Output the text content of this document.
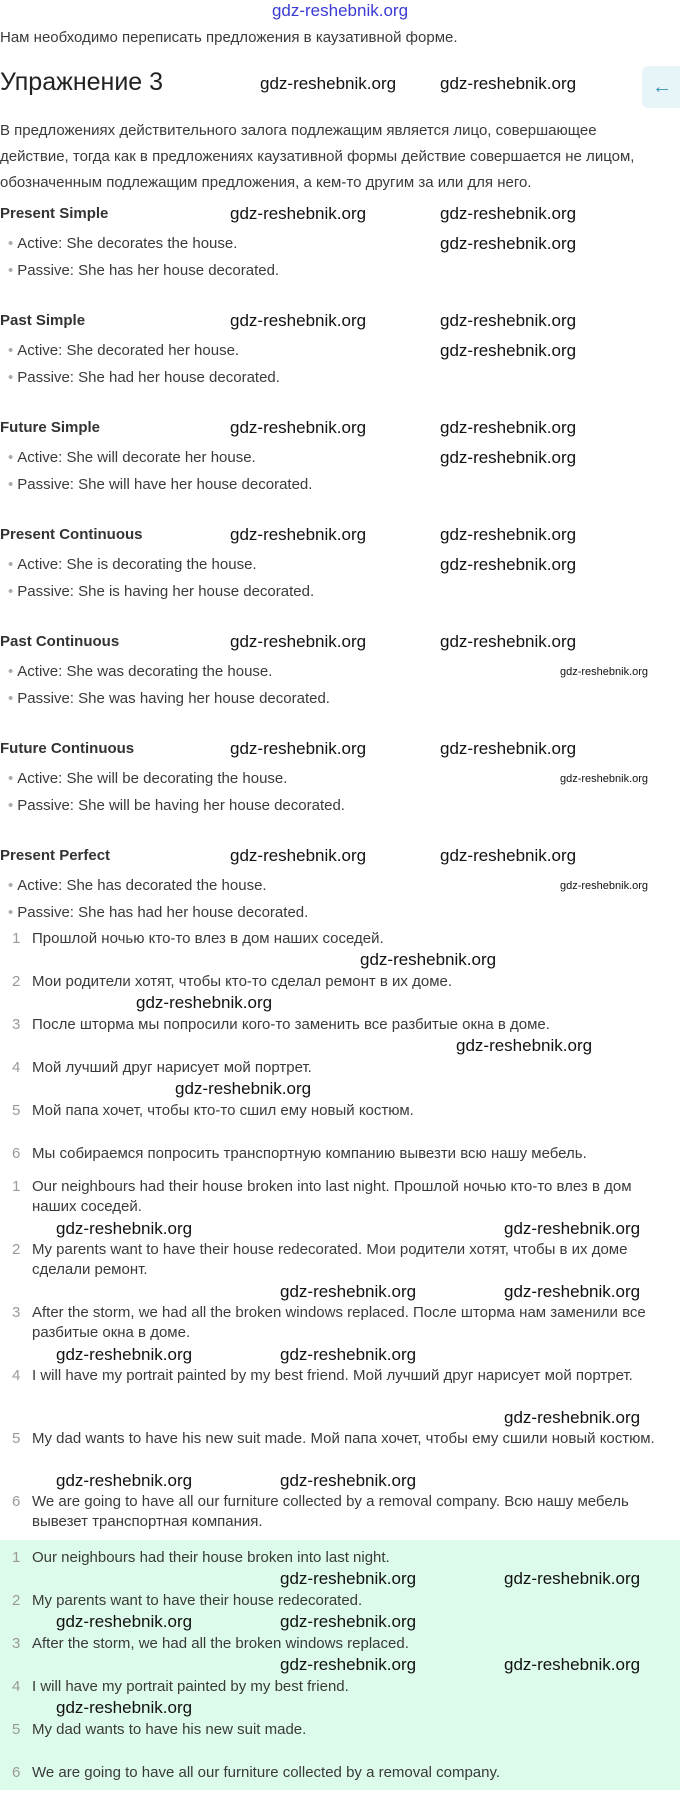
gdz-reshebnik.org
Нам необходимо переписать предложения в каузативной форме.
Упражнение 3	gdz-reshebnik.org	gdz-reshebnik.org	←
В предложениях действительного залога подлежащим является лицо, совершающее действие, тогда как в предложениях каузативной формы действие совершается не лицом, обозначенным подлежащим предложения, а кем-то другим за или для него.
Present Simple	gdz-reshebnik.org	gdz-reshebnik.org
• Active: She decorates the house.	gdz-reshebnik.org
• Passive: She has her house decorated.
Past Simple	gdz-reshebnik.org	gdz-reshebnik.org
• Active: She decorated her house.	gdz-reshebnik.org
• Passive: She had her house decorated.
Future Simple	gdz-reshebnik.org	gdz-reshebnik.org
• Active: She will decorate her house.	gdz-reshebnik.org
• Passive: She will have her house decorated.
Present Continuous	gdz-reshebnik.org	gdz-reshebnik.org
• Active: She is decorating the house.	gdz-reshebnik.org
• Passive: She is having her house decorated.
Past Continuous	gdz-reshebnik.org	gdz-reshebnik.org
• Active: She was decorating the house.	gdz-reshebnik.org
• Passive: She was having her house decorated.
Future Continuous	gdz-reshebnik.org	gdz-reshebnik.org
• Active: She will be decorating the house.	gdz-reshebnik.org
• Passive: She will be having her house decorated.
Present Perfect	gdz-reshebnik.org	gdz-reshebnik.org
• Active: She has decorated the house.	gdz-reshebnik.org
• Passive: She has had her house decorated.
1 Прошлой ночью кто-то влез в дом наших соседей.
gdz-reshebnik.org
2 Мои родители хотят, чтобы кто-то сделал ремонт в их доме.
gdz-reshebnik.org
3 После шторма мы попросили кого-то заменить все разбитые окна в доме.
gdz-reshebnik.org
4 Мой лучший друг нарисует мой портрет.
gdz-reshebnik.org
5 Мой папа хочет, чтобы кто-то сшил ему новый костюм.
6 Мы собираемся попросить транспортную компанию вывезти всю нашу мебель.
1 Our neighbours had their house broken into last night. Прошлой ночью кто-то влез в дом наших соседей.
gdz-reshebnik.org	gdz-reshebnik.org
2 My parents want to have their house redecorated. Мои родители хотят, чтобы в их доме сделали ремонт.
gdz-reshebnik.org	gdz-reshebnik.org
3 After the storm, we had all the broken windows replaced. После шторма нам заменили все разбитые окна в доме.
gdz-reshebnik.org	gdz-reshebnik.org
4 I will have my portrait painted by my best friend. Мой лучший друг нарисует мой портрет.
gdz-reshebnik.org
5 My dad wants to have his new suit made. Мой папа хочет, чтобы ему сшили новый костюм.
gdz-reshebnik.org	gdz-reshebnik.org
6 We are going to have all our furniture collected by a removal company. Всю нашу мебель вывезет транспортная компания.
1 Our neighbours had their house broken into last night.
gdz-reshebnik.org	gdz-reshebnik.org
2 My parents want to have their house redecorated.
gdz-reshebnik.org	gdz-reshebnik.org
3 After the storm, we had all the broken windows replaced.
gdz-reshebnik.org	gdz-reshebnik.org
4 I will have my portrait painted by my best friend.
gdz-reshebnik.org
5 My dad wants to have his new suit made.
6 We are going to have all our furniture collected by a removal company.
